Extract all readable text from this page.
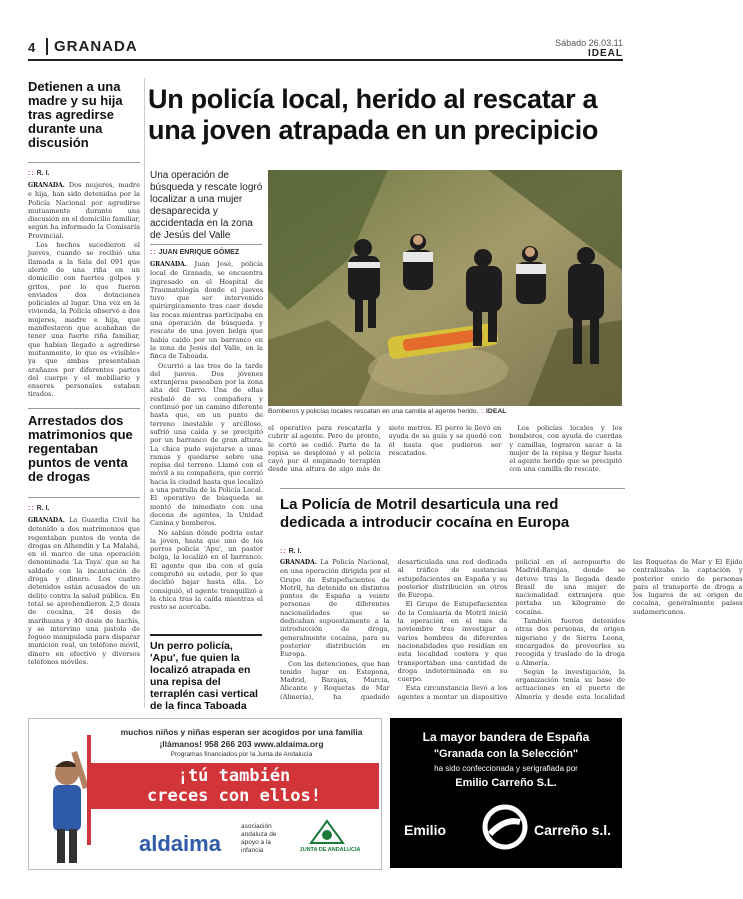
4	GRANADA	Sábado 26.03.11
IDEAL
Detienen a una madre y su hija tras agredirse durante una discusión
:: R. I.

GRANADA. Dos mujeres, madre e hija, han sido detenidas por la Policía Nacional por agredirse mutuamente durante una discusión en el domicilio familiar, según ha informado la Comisaría Provincial.

Los hechos sucedieron el jueves, cuando se recibió una llamada a la Sala del 091 que alertó de una riña en un domicilio con fuertes golpes y gritos, por lo que fueron enviados dos dotaciones policiales al lugar. Una vez en la vivienda, la Policía observó a dos mujeres, madre e hija, que manifestaron que acababan de tener una fuerte riña familiar, que habían llegado a agredirse mutuamente, lo que es «visible» ya que ambas presentaban arañazos por diferentes partes del cuerpo y el mobiliario y enseres personales estaban tirados.

Arrestados dos matrimonios que regentaban puntos de venta de drogas
:: R. I.

GRANADA. La Guardia Civil ha detenido a dos matrimonios que regentaban puntos de venta de drogas en Alhendín y La Malahá, en el marco de una operación denominada 'La Taya' que se ha saldado con la incautación de droga y dinero. Los cuatro detenidos están acusados de un delito contra la salud pública. En total se aprehendieron 2,5 dosis de cocaína, 24 dosis de marihuana y 40 dosis de hachís, y se intervino una pistola de fogueo manipulada para disparar munición real, un teléfono móvil, dinero en efectivo y diversos teléfonos móviles.

Un policía local, herido al rescatar a una joven atrapada en un precipicio
Una operación de búsqueda y rescate logró localizar a una mujer desaparecida y accidentada en la zona de Jesús del Valle
:: JUAN ENRIQUE GÓMEZ

GRANADA. Juan José, policía local de Granada, se encuentra ingresado en el Hospital de Traumatología donde el jueves tuvo que ser intervenido quirúrgicamente tras caer desde las rocas mientras participaba en una operación de búsqueda y rescate de una joven belga que había caído por un barranco en la zona de Jesús del Valle, en la finca de Taboada.

Ocurrió a las tres de la tarde del jueves. Dos jóvenes extranjeras paseaban por la zona alta del Darro. Una de ellas resbaló de su compañera y continuó por un camino diferente hasta que, en un punto de terreno inestable y arcilloso, sufrió una caída y se precipitó por un barranco de gran altura. La chica pudo sujetarse a unas ramas y quedarse sobre una repisa del terreno. Llamó con el móvil a su compañera, que corrió hacia la ciudad hasta que localizó a una patrulla de la Policía Local. El operativo de búsqueda se montó de inmediato con una decena de agentes, la Unidad Canina y bomberos.

No sabían dónde podría estar la joven, hasta que uno de los perros policía 'Apu', un pastor belga, la localizó en el barranco. El agente que iba con el guía comprobó su estado, por lo que decidió bajar hasta ella. Lo consiguió, el agente tranquilizó a la chica tras la caída mientras el resto se acercaba.

Bomberos y policías locales rescatan en una camilla al agente herido. :: IDEAL

el operativo para rescatarla y cubrir al agente. Pero de pronto, le cortó se cedió. Parte de la repisa se desplomó y el policía cayó por el empinado terraplén desde una altura de algo más de siete metros. El perro le llevó en ayuda de su guía y se quedó con él hasta que pudieron ser rescatados.

Los policías locales y los bomberos, con ayuda de cuerdas y camillas, lograron sacar a la mujer de la repisa y llegar hasta el agente herido que se precipitó con una camilla de rescate.

Un perro policía, 'Apu', fue quien la localizó atrapada en una repisa del terraplén casi vertical de la finca Taboada
La Policía de Motril desarticula una red dedicada a introducir cocaína en Europa
:: R. I.

GRANADA. La Policía Nacional, en una operación dirigida por el Grupo de Estupefacientes de Motril, ha detenido en distintos puntos de España a veinte personas de diferentes nacionalidades que se dedicaban supuestamente a la introducción de droga, generalmente cocaína, para su posterior distribución en Europa.

Con las detenciones, que han tenido lugar en Estepona, Madrid, Barajas, Murcia, Alicante y Roquetas de Mar (Almería), ha quedado desarticulada una red dedicada al tráfico de sustancias estupefacientes en España y su posterior distribución en otros de Europa.

El Grupo de Estupefacientes de la Comisaría de Motril inició la operación en el mes de noviembre tras investigar a varios hombres de diferentes nacionalidades que residían en esta localidad costera y que transportaban una cantidad de droga indeterminada en su cuerpo.

Esta circunstancia llevó a los agentes a montar un dispositivo policial en el aeropuerto de Madrid-Barajas, donde se detuvo tras la llegada desde Brasil de una mujer de nacionalidad extranjera que portaba un kilogramo de cocaína.

También fueron detenidos otras dos personas, de origen nigeriano y de Sierra Leona, encargados de proveerles su recogida y traslado de la droga a Almería.

Según la investigación, la organización tenía su base de actuaciones en el puerto de Almería y desde esta localidad las Roquetas de Mar y El Ejido centralizaba la captación y posterior envío de personas para el transporte de droga a los lugares de su origen de cocaína, generalmente países sudamericanos.

muchos niños y niñas esperan ser acogidos por una familia
¡llámanos! 958 266 203 www.aldaima.org
Programas financiados por la Junta de Andalucía
¡tú también
creces con ellos!
aldaima
asociación andaluza de apoyo a la infancia	JUNTA DE ANDALUCIA
La mayor bandera de España
"Granada con la Selección"
ha sido confeccionada y serigrafiada por
Emilio Carreño S.L.
Emilio	Carreño s.l.
